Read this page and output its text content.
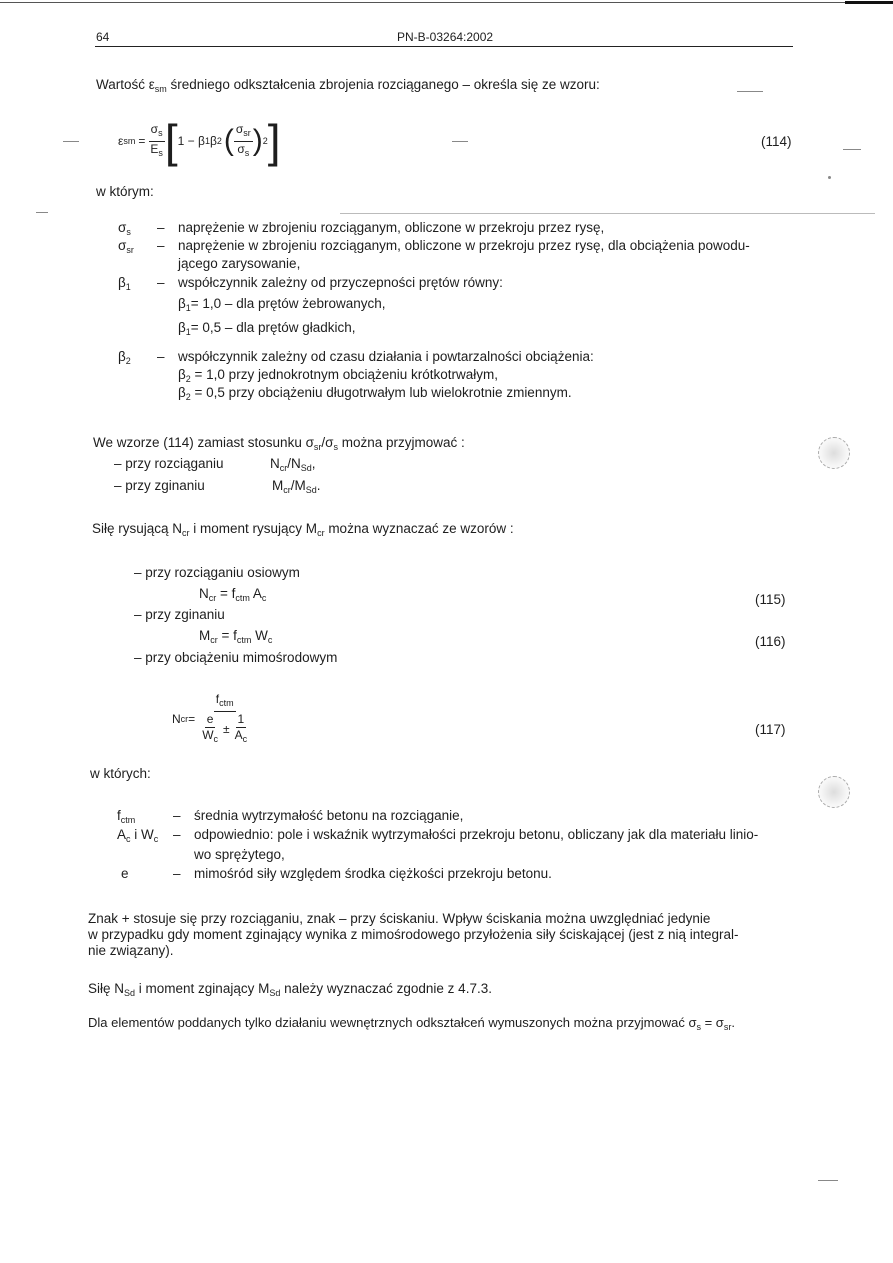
64	PN-B-03264:2002
Wartość $\varepsilon_{sm}$ średniego odkształcenia zbrojenia rozciąganego – określa się ze wzoru:
ε sm = $\frac{\sigma_s}{E_s}$ [ 1 − β 1 β 2 ( $\frac{\sigma_{sr}}{\sigma_s}$ ) 2 ]	(114)
w którym:
$\sigma_s$ – naprężenie w zbrojeniu rozciąganym, obliczone w przekroju przez rysę,
$\sigma_{sr}$ – naprężenie w zbrojeniu rozciąganym, obliczone w przekroju przez rysę, dla obciążenia powodu-
jącego zarysowanie,
$\beta_1$ – współczynnik zależny od przyczepności prętów równy:
$\beta_1= 1,0$ – dla prętów żebrowanych,
$\beta_1= 0,5$ – dla prętów gładkich,
$\beta_2$ – współczynnik zależny od czasu działania i powtarzalności obciążenia:
$\beta_2 = 1,0$ przy jednokrotnym obciążeniu krótkotrwałym,
$\beta_2 = 0,5$ przy obciążeniu długotrwałym lub wielokrotnie zmiennym.
We wzorze (114) zamiast stosunku $\sigma_{sr}/\sigma_s$ można przyjmować :
– przy rozciąganiu	$N_{cr}/N_{Sd}$,
– przy zginaniu	$M_{cr}/M_{Sd}$.
Siłę rysującą $N_{cr}$ i moment rysujący $M_{cr}$ można wyznaczać ze wzorów :
– przy rozciąganiu osiowym
$N_{cr} = f_{ctm}$ $A_c$	(115)
– przy zginaniu
$M_{cr} = f_{ctm}$ $W_c$	(116)
– przy obciążeniu mimośrodowym
N cr = $\frac{f_{ctm}}{\frac{e}{W_c} \pm \frac{1}{A_c}}$	(117)
w których:
$f_{ctm}$	– średnia wytrzymałość betonu na rozciąganie,
$A_c$ i $W_c$ – odpowiednio: pole i wskaźnik wytrzymałości przekroju betonu, obliczany jak dla materiału linio-
wo sprężytego,
e	– mimośród siły względem środka ciężkości przekroju betonu.
Znak + stosuje się przy rozciąganiu, znak – przy ściskaniu. Wpływ ściskania można uwzględniać jedynie
w przypadku gdy moment zginający wynika z mimośrodowego przyłożenia siły ściskającej (jest z nią integral-
nie związany).
Siłę $N_{Sd}$ i moment zginający $M_{Sd}$ należy wyznaczać zgodnie z 4.7.3.
Dla elementów poddanych tylko działaniu wewnętrznych odkształceń wymuszonych można przyjmować $\sigma_s = \sigma_{sr}$.
